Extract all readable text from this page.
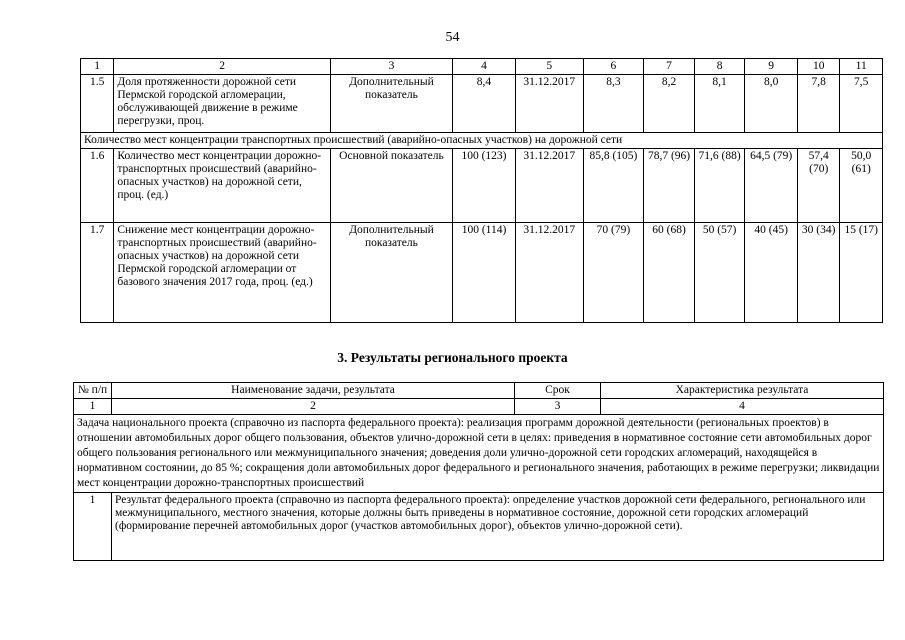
54
1	2	3	4	5	6	7	8	9	10	11
1.5	Доля протяженности дорожной сети Пермской городской агломерации, обслуживающей движение в режиме перегрузки, проц.	Дополнительный показатель	8,4	31.12.2017	8,3	8,2	8,1	8,0	7,8	7,5
Количество мест концентрации транспортных происшествий (аварийно-опасных участков) на дорожной сети										
1.6	Количество мест концентрации дорожно-транспортных происшествий (аварийно-опасных участков) на дорожной сети, проц. (ед.)	Основной показатель	100 (123)	31.12.2017	85,8 (105)	78,7 (96)	71,6 (88)	64,5 (79)	57,4 (70)	50,0 (61)
1.7	Снижение мест концентрации дорожно-транспортных происшествий (аварийно-опасных участков) на дорожной сети Пермской городской агломерации от базового значения 2017 года, проц. (ед.)	Дополнительный показатель	100 (114)	31.12.2017	70 (79)	60 (68)	50 (57)	40 (45)	30 (34)	15 (17)
3. Результаты регионального проекта
№ п/п	Наименование задачи, результата	Срок	Характеристика результата
1	2	3	4
Задача национального проекта (справочно из паспорта федерального проекта): реализация программ дорожной деятельности (региональных проектов) в отношении автомобильных дорог общего пользования, объектов улично-дорожной сети в целях: приведения в нормативное состояние сети автомобильных дорог общего пользования регионального или межмуниципального значения; доведения доли улично-дорожной сети городских агломераций, находящейся в нормативном состоянии, до 85 %; сокращения доли автомобильных дорог федерального и регионального значения, работающих в режиме перегрузки; ликвидации мест концентрации дорожно-транспортных происшествий			
1	Результат федерального проекта (справочно из паспорта федерального проекта): определение участков дорожной сети федерального, регионального или межмуниципального, местного значения, которые должны быть приведены в нормативное состояние, дорожной сети городских агломераций (формирование перечней автомобильных дорог (участков автомобильных дорог), объектов улично-дорожной сети).		
